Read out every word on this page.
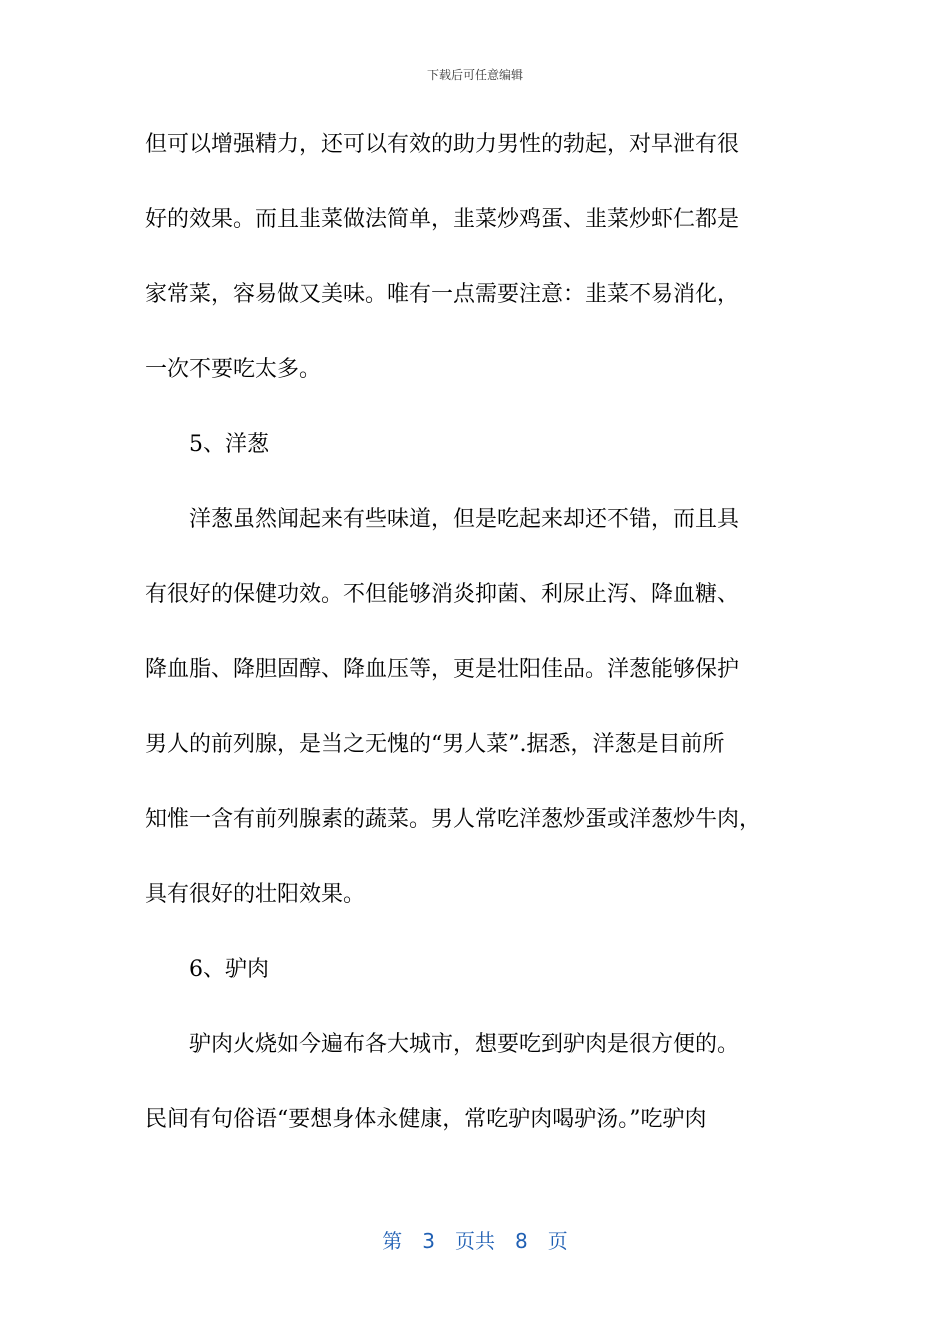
下载后可任意编辑
但可以增强精力，还可以有效的助力男性的勃起，对早泄有很
好的效果。而且韭菜做法简单，韭菜炒鸡蛋、韭菜炒虾仁都是
家常菜，容易做又美味。唯有一点需要注意：韭菜不易消化，
一次不要吃太多。
　　5、洋葱
　　洋葱虽然闻起来有些味道，但是吃起来却还不错，而且具
有很好的保健功效。不但能够消炎抑菌、利尿止泻、降血糖、
降血脂、降胆固醇、降血压等，更是壮阳佳品。洋葱能够保护
男人的前列腺，是当之无愧的“男人菜”.据悉，洋葱是目前所
知惟一含有前列腺素的蔬菜。男人常吃洋葱炒蛋或洋葱炒牛肉，
具有很好的壮阳效果。
　　6、驴肉
　　驴肉火烧如今遍布各大城市，想要吃到驴肉是很方便的。
民间有句俗语“要想身体永健康，常吃驴肉喝驴汤。”吃驴肉
第 3 页共 8 页
